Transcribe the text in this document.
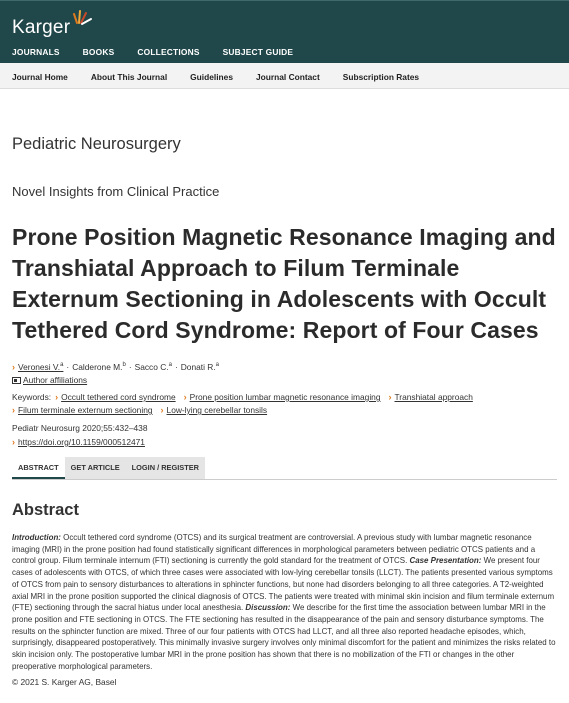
Karger
JOURNALS	BOOKS	COLLECTIONS	SUBJECT GUIDE
Journal Home	About This Journal	Guidelines	Journal Contact	Subscription Rates
Pediatric Neurosurgery
Novel Insights from Clinical Practice
Prone Position Magnetic Resonance Imaging and Transhiatal Approach to Filum Terminale Externum Sectioning in Adolescents with Occult Tethered Cord Syndrome: Report of Four Cases
› Veronesi V.$^a$ · Calderone M.$^b$ · Sacco C.$^a$ · Donati R.$^a$
Author affiliations
Keywords: › Occult tethered cord syndrome › Prone position lumbar magnetic resonance imaging › Transhiatal approach
› Filum terminale externum sectioning › Low-lying cerebellar tonsils
Pediatr Neurosurg 2020;55:432–438
› https://doi.org/10.1159/000512471
ABSTRACT	GET ARTICLE	LOGIN / REGISTER
Abstract
Introduction: Occult tethered cord syndrome (OTCS) and its surgical treatment are controversial. A previous study with lumbar magnetic resonance imaging (MRI) in the prone position had found statistically significant differences in morphological parameters between pediatric OTCS patients and a control group. Filum terminale internum (FTI) sectioning is currently the gold standard for the treatment of OTCS. Case Presentation: We present four cases of adolescents with OTCS, of which three cases were associated with low-lying cerebellar tonsils (LLCT). The patients presented various symptoms of OTCS from pain to sensory disturbances to alterations in sphincter functions, but none had disorders belonging to all three categories. A T2-weighted axial MRI in the prone position supported the clinical diagnosis of OTCS. The patients were treated with minimal skin incision and filum terminale externum (FTE) sectioning through the sacral hiatus under local anesthesia. Discussion: We describe for the first time the association between lumbar MRI in the prone position and FTE sectioning in OTCS. The FTE sectioning has resulted in the disappearance of the pain and sensory disturbance symptoms. The results on the sphincter function are mixed. Three of our four patients with OTCS had LLCT, and all three also reported headache episodes, which, surprisingly, disappeared postoperatively. This minimally invasive surgery involves only minimal discomfort for the patient and minimizes the risks related to skin incision only. The postoperative lumbar MRI in the prone position has shown that there is no mobilization of the FTI or changes in the other preoperative morphological parameters.
© 2021 S. Karger AG, Basel
